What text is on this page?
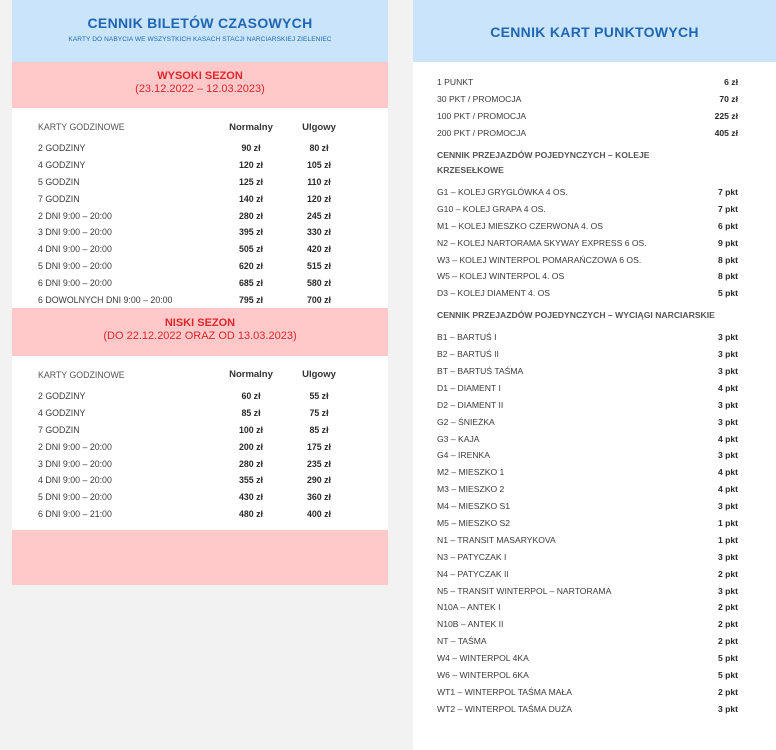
CENNIK BILETÓW CZASOWYCH
KARTY DO NABYCIA WE WSZYSTKICH KASACH STACJI NARCIARSKIEJ ZIELENIEC
WYSOKI SEZON
(23.12.2022 – 12.03.2023)
KARTY GODZINOWE	Normalny	Ulgowy
2 GODZINY	90 zł	80 zł
4 GODZINY	120 zł	105 zł
5 GODZIN	125 zł	110 zł
7 GODZIN	140 zł	120 zł
2 DNI 9:00 – 20:00	280 zł	245 zł
3 DNI 9:00 – 20:00	395 zł	330 zł
4 DNI 9:00 – 20:00	505 zł	420 zł
5 DNI 9:00 – 20:00	620 zł	515 zł
6 DNI 9:00 – 20:00	685 zł	580 zł
6 DOWOLNYCH DNI 9:00 – 20:00	795 zł	700 zł
NISKI SEZON
(DO 22.12.2022 ORAZ OD 13.03.2023)
KARTY GODZINOWE	Normalny	Ulgowy
2 GODZINY	60 zł	55 zł
4 GODZINY	85 zł	75 zł
7 GODZIN	100 zł	85 zł
2 DNI 9:00 – 20:00	200 zł	175 zł
3 DNI 9:00 – 20:00	280 zł	235 zł
4 DNI 9:00 – 20:00	355 zł	290 zł
5 DNI 9:00 – 20:00	430 zł	360 zł
6 DNI 9:00 – 21:00	480 zł	400 zł
CENNIK KART PUNKTOWYCH
1 PUNKT	6 zł
30 PKT / PROMOCJA	70 zł
100 PKT / PROMOCJA	225 zł
200 PKT / PROMOCJA	405 zł
CENNIK PRZEJAZDÓW POJEDYNCZYCH – KOLEJE KRZESEŁKOWE
G1 – KOLEJ GRYGLÓWKA 4 OS.	7 pkt
G10 – KOLEJ GRAPA 4 OS.	7 pkt
M1 – KOLEJ MIESZKO CZERWONA 4. OS	6 pkt
N2 – KOLEJ NARTORAMA SKYWAY EXPRESS 6 OS.	9 pkt
W3 – KOLEJ WINTERPOL POMARAŃCZOWA 6 OS.	8 pkt
W5 – KOLEJ WINTERPOL 4. OS	8 pkt
D3 – KOLEJ DIAMENT 4. OS	5 pkt
CENNIK PRZEJAZDÓW POJEDYNCZYCH – WYCIĄGI NARCIARSKIE
B1 – BARTUŚ I	3 pkt
B2 – BARTUŚ II	3 pkt
BT – BARTUŚ TAŚMA	3 pkt
D1 – DIAMENT I	4 pkt
D2 – DIAMENT II	3 pkt
G2 – ŚNIEŻKA	3 pkt
G3 – KAJA	4 pkt
G4 – IRENKA	3 pkt
M2 – MIESZKO 1	4 pkt
M3 – MIESZKO 2	4 pkt
M4 – MIESZKO S1	3 pkt
M5 – MIESZKO S2	1 pkt
N1 – TRANSIT MASARYKOVA	1 pkt
N3 – PATYCZAK I	3 pkt
N4 – PATYCZAK II	2 pkt
N5 – TRANSIT WINTERPOL – NARTORAMA	3 pkt
N10A – ANTEK I	2 pkt
N10B – ANTEK II	2 pkt
NT – TAŚMA	2 pkt
W4 – WINTERPOL 4KA	5 pkt
W6 – WINTERPOL 6KA	5 pkt
WT1 – WINTERPOL TAŚMA MAŁA	2 pkt
WT2 – WINTERPOL TAŚMA DUŻA	3 pkt
